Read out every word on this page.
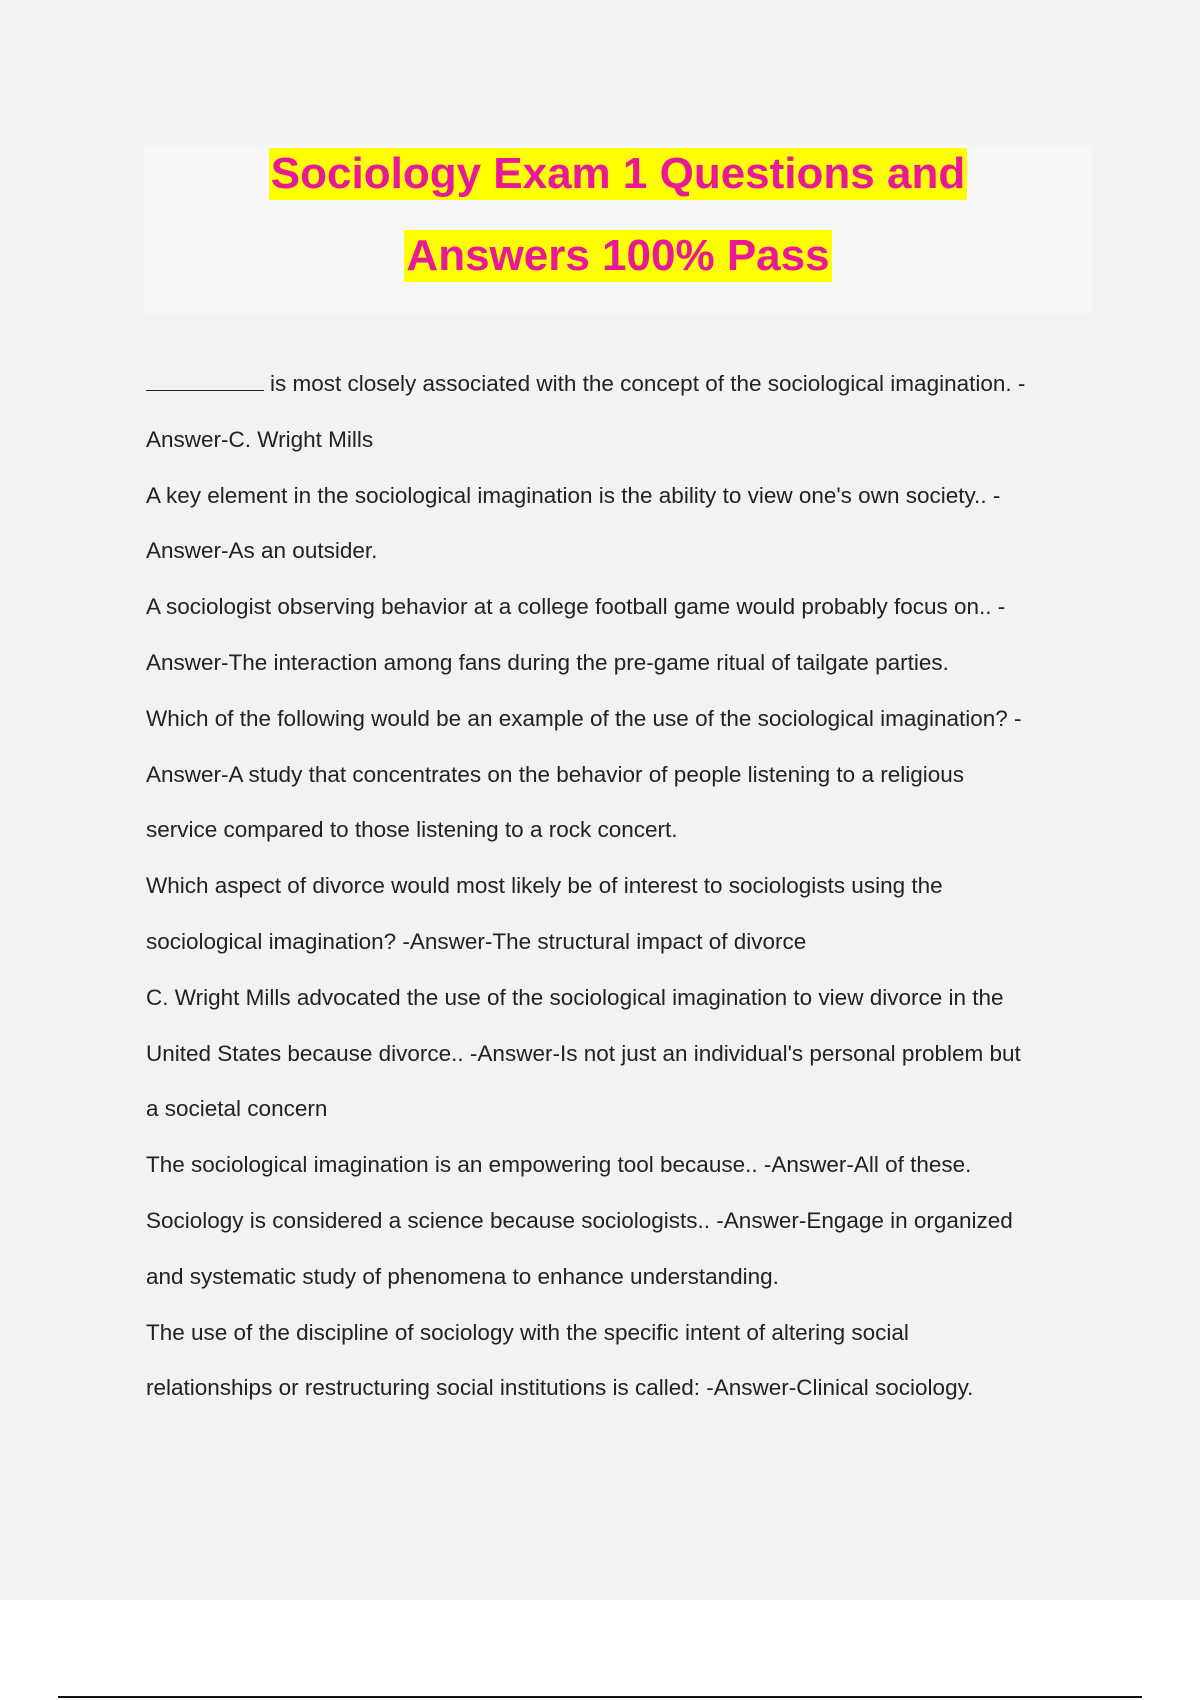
Sociology Exam 1 Questions and
Answers 100% Pass
is most closely associated with the concept of the sociological imagination. -
Answer-C. Wright Mills
A key element in the sociological imagination is the ability to view one's own society.. -
Answer-As an outsider.
A sociologist observing behavior at a college football game would probably focus on.. -
Answer-The interaction among fans during the pre-game ritual of tailgate parties.
Which of the following would be an example of the use of the sociological imagination? -
Answer-A study that concentrates on the behavior of people listening to a religious
service compared to those listening to a rock concert.
Which aspect of divorce would most likely be of interest to sociologists using the
sociological imagination? -Answer-The structural impact of divorce
C. Wright Mills advocated the use of the sociological imagination to view divorce in the
United States because divorce.. -Answer-Is not just an individual's personal problem but
a societal concern
The sociological imagination is an empowering tool because.. -Answer-All of these.
Sociology is considered a science because sociologists.. -Answer-Engage in organized
and systematic study of phenomena to enhance understanding.
The use of the discipline of sociology with the specific intent of altering social
relationships or restructuring social institutions is called: -Answer-Clinical sociology.
